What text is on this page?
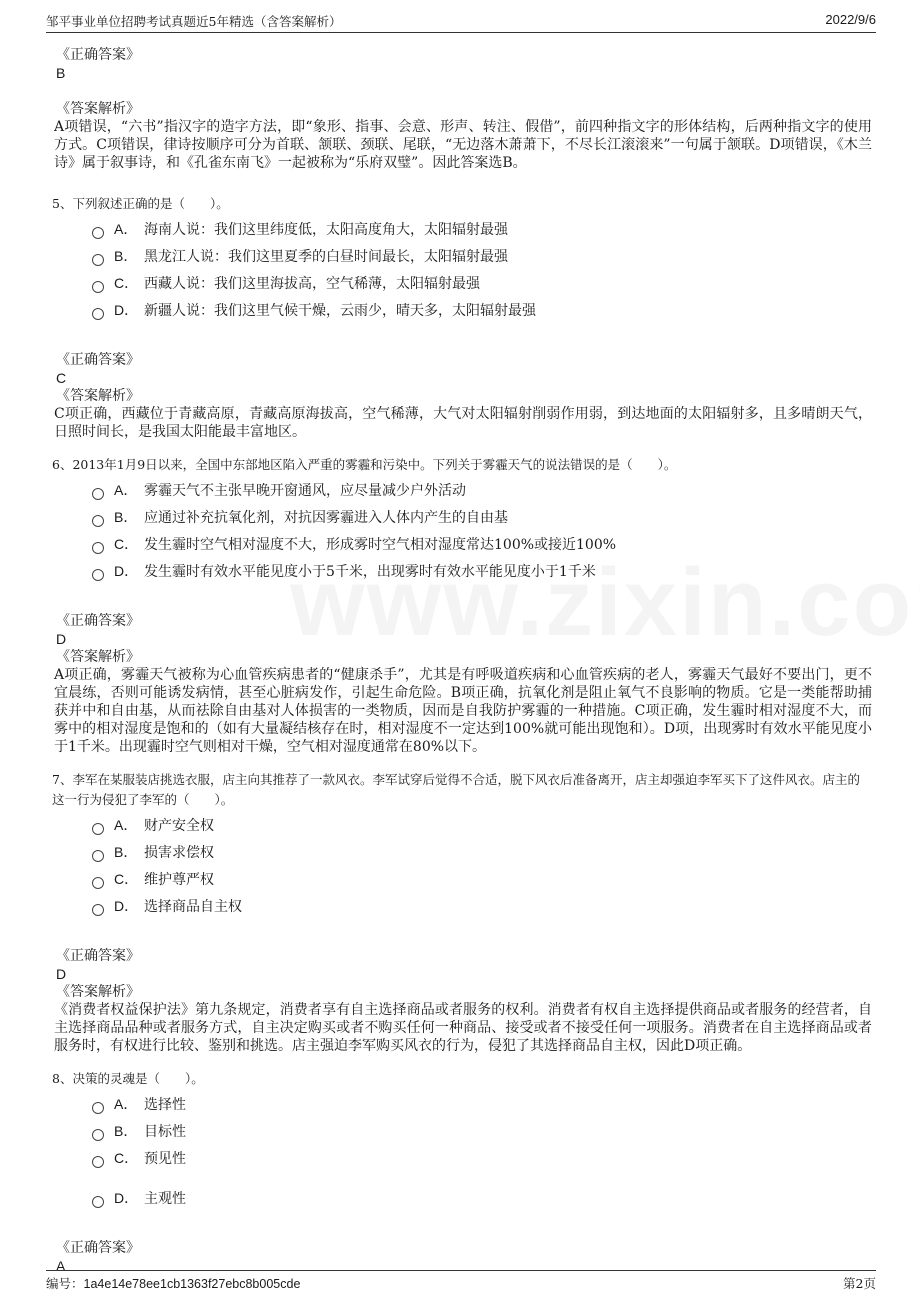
邹平事业单位招聘考试真题近5年精选（含答案解析）	2022/9/6
《正确答案》
B
《答案解析》
A项错误，“六书”指汉字的造字方法，即“象形、指事、会意、形声、转注、假借”，前四种指文字的形体结构，后两种指文字的使用方式。C项错误，律诗按顺序可分为首联、颔联、颈联、尾联，“无边落木萧萧下，不尽长江滚滚来”一句属于颔联。D项错误，《木兰诗》属于叙事诗，和《孔雀东南飞》一起被称为“乐府双璧”。因此答案选B。
5、下列叙述正确的是（　　）。
A． 海南人说：我们这里纬度低，太阳高度角大，太阳辐射最强
B． 黑龙江人说：我们这里夏季的白昼时间最长，太阳辐射最强
C． 西藏人说：我们这里海拔高，空气稀薄，太阳辐射最强
D． 新疆人说：我们这里气候干燥，云雨少，晴天多，太阳辐射最强
《正确答案》
C
《答案解析》
C项正确，西藏位于青藏高原，青藏高原海拔高，空气稀薄，大气对太阳辐射削弱作用弱，到达地面的太阳辐射多，且多晴朗天气，日照时间长，是我国太阳能最丰富地区。
6、2013年1月9日以来，全国中东部地区陷入严重的雾霾和污染中。下列关于雾霾天气的说法错误的是（　　）。
A． 雾霾天气不主张早晚开窗通风，应尽量减少户外活动
B． 应通过补充抗氧化剂，对抗因雾霾进入人体内产生的自由基
C． 发生霾时空气相对湿度不大，形成雾时空气相对湿度常达100%或接近100%
D． 发生霾时有效水平能见度小于5千米，出现雾时有效水平能见度小于1千米
《正确答案》
D
《答案解析》
A项正确，雾霾天气被称为心血管疾病患者的“健康杀手”，尤其是有呼吸道疾病和心血管疾病的老人，雾霾天气最好不要出门，更不宜晨练，否则可能诱发病情，甚至心脏病发作，引起生命危险。B项正确，抗氧化剂是阻止氧气不良影响的物质。它是一类能帮助捕获并中和自由基，从而祛除自由基对人体损害的一类物质，因而是自我防护雾霾的一种措施。C项正确，发生霾时相对湿度不大，而雾中的相对湿度是饱和的（如有大量凝结核存在时，相对湿度不一定达到100%就可能出现饱和）。D项，出现雾时有效水平能见度小于1千米。出现霾时空气则相对干燥，空气相对湿度通常在80%以下。
7、李军在某服装店挑选衣服，店主向其推荐了一款风衣。李军试穿后觉得不合适，脱下风衣后准备离开，店主却强迫李军买下了这件风衣。店主的这一行为侵犯了李军的（　　）。
A． 财产安全权
B． 损害求偿权
C． 维护尊严权
D． 选择商品自主权
《正确答案》
D
《答案解析》
《消费者权益保护法》第九条规定，消费者享有自主选择商品或者服务的权利。消费者有权自主选择提供商品或者服务的经营者，自主选择商品品种或者服务方式，自主决定购买或者不购买任何一种商品、接受或者不接受任何一项服务。消费者在自主选择商品或者服务时，有权进行比较、鉴别和挑选。店主强迫李军购买风衣的行为，侵犯了其选择商品自主权，因此D项正确。
8、决策的灵魂是（　　）。
A． 选择性
B． 目标性
C． 预见性
D． 主观性
《正确答案》
A
编号：1a4e14e78ee1cb1363f27ebc8b005cde	第2页
